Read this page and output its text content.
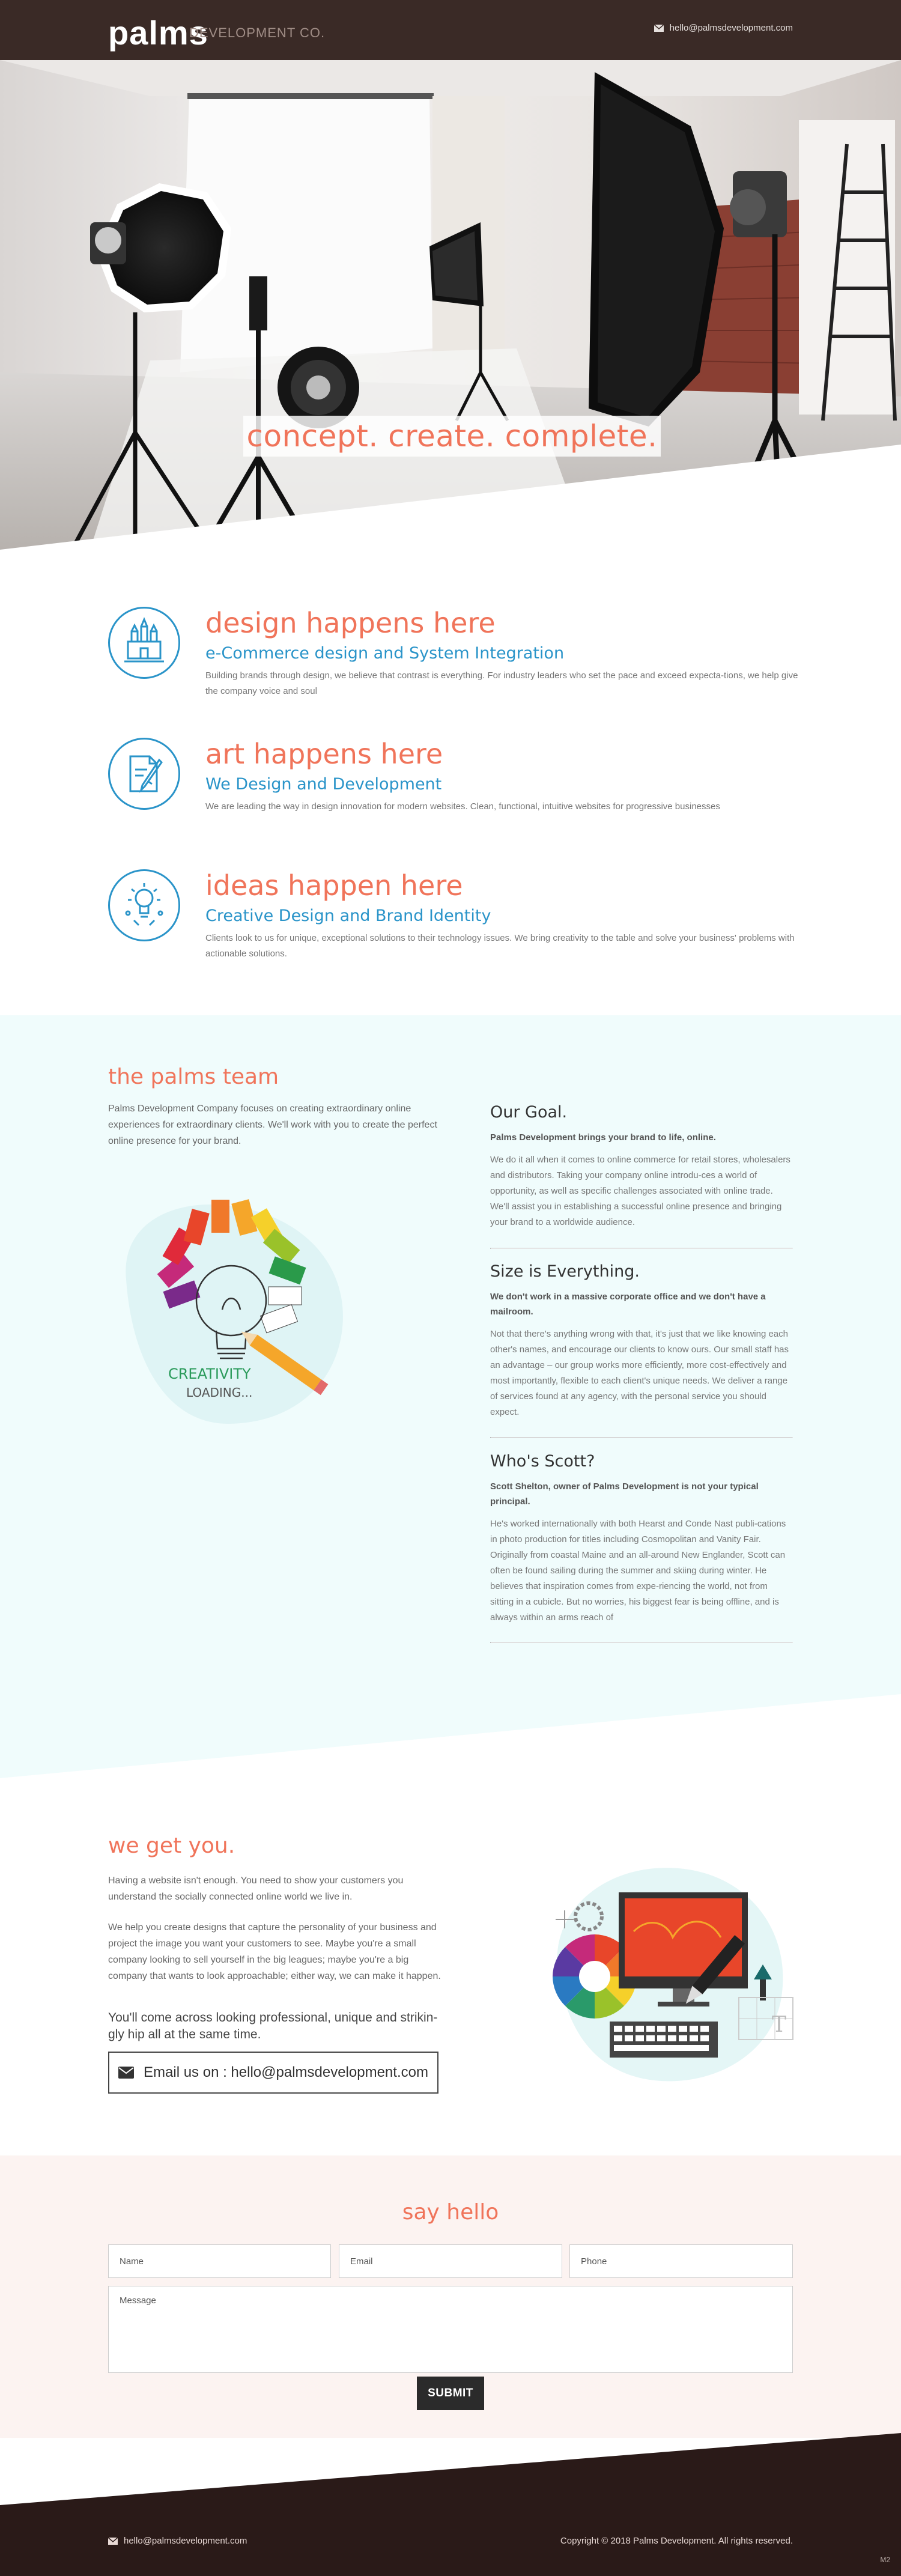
palms
DEVELOPMENT CO.	hello@palmsdevelopment.com
concept. create. complete.
design happens here
e-Commerce design and System Integration

Building brands through design, we believe that contrast is everything. For industry leaders who set the pace and exceed expecta-tions, we help give the company voice and soul

art happens here
We Design and Development

We are leading the way in design innovation for modern websites. Clean, functional, intuitive websites for progressive businesses

ideas happen here
Creative Design and Brand Identity

Clients look to us for unique, exceptional solutions to their technology issues. We bring creativity to the table and solve your business' problems with actionable solutions.

the palms team
Palms Development Company focuses on creating extraordinary online experiences for extraordinary clients. We'll work with you to create the perfect online presence for your brand.
CREATIVITY
LOADING...
Our Goal.
Palms Development brings your brand to life, online.
We do it all when it comes to online commerce for retail stores, wholesalers and distributors. Taking your company online introdu-ces a world of opportunity, as well as specific challenges associated with online trade. We'll assist you in establishing a successful online presence and bringing your brand to a worldwide audience.
Size is Everything.
We don't work in a massive corporate office and we don't have a mailroom.
Not that there's anything wrong with that, it's just that we like knowing each other's names, and encourage our clients to know ours. Our small staff has an advantage – our group works more efficiently, more cost-effectively and most importantly, flexible to each client's unique needs. We deliver a range of services found at any agency, with the personal service you should expect.
Who's Scott?
Scott Shelton, owner of Palms Development is not your typical principal.
He's worked internationally with both Hearst and Conde Nast publi-cations in photo production for titles including Cosmopolitan and Vanity Fair. Originally from coastal Maine and an all-around New Englander, Scott can often be found sailing during the summer and skiing during winter. He believes that inspiration comes from expe-riencing the world, not from sitting in a cubicle. But no worries, his biggest fear is being offline, and is always within an arms reach of
we get you.
Having a website isn't enough. You need to show your customers you understand the socially connected online world we live in.
We help you create designs that capture the personality of your business and project the image you want your customers to see. Maybe you're a small company looking to sell yourself in the big leagues; maybe you're a big company that wants to look approachable; either way, we can make it happen.
You'll come across looking professional, unique and strikin-gly hip all at the same time.
Email us on : hello@palmsdevelopment.com
T
say hello
Name
Email
Phone
Message
SUBMIT
hello@palmsdevelopment.com	Copyright © 2018 Palms Development. All rights reserved.
M2
